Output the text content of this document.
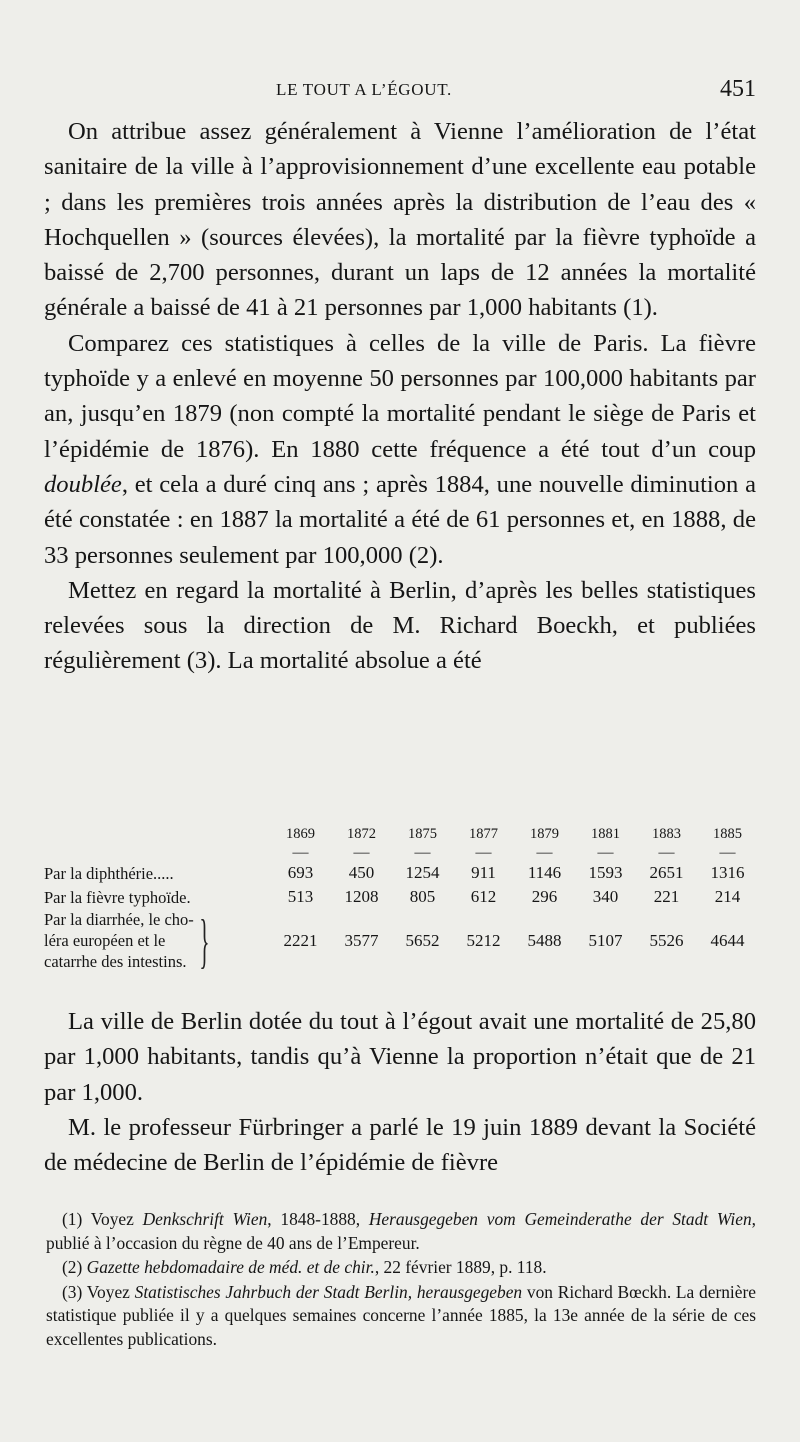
LE TOUT A L’ÉGOUT.	451

On attribue assez généralement à Vienne l’amélioration de l’état sanitaire de la ville à l’approvisionnement d’une excellente eau potable ; dans les premières trois années après la distribution de l’eau des « Hochquellen » (sources élevées), la mortalité par la fièvre typhoïde a baissé de 2,700 personnes, durant un laps de 12 années la mortalité générale a baissé de 41 à 21 personnes par 1,000 habitants (1).

Comparez ces statistiques à celles de la ville de Paris. La fièvre typhoïde y a enlevé en moyenne 50 personnes par 100,000 habitants par an, jusqu’en 1879 (non compté la mortalité pendant le siège de Paris et l’épidémie de 1876). En 1880 cette fréquence a été tout d’un coup doublée, et cela a duré cinq ans ; après 1884, une nouvelle diminution a été constatée : en 1887 la mortalité a été de 61 personnes et, en 1888, de 33 personnes seulement par 100,000 (2).

Mettez en regard la mortalité à Berlin, d’après les belles statistiques relevées sous la direction de M. Richard Boeckh, et publiées régulièrement (3). La mortalité absolue a été

	1869	1872	1875	1877	1879	1881	1883	1885
	—	—	—	—	—	—	—	—
Par la diphthérie.....	693	450	1254	911	1146	1593	2651	1316
Par la fièvre typhoïde.	513	1208	805	612	296	340	221	214

Par la diarrhée, le cho-
léra européen et le
catarrhe des intestins. }	2221	3577	5652	5212	5488	5107	5526	4644

La ville de Berlin dotée du tout à l’égout avait une mortalité de 25,80 par 1,000 habitants, tandis qu’à Vienne la proportion n’était que de 21 par 1,000.

M. le professeur Fürbringer a parlé le 19 juin 1889 devant la Société de médecine de Berlin de l’épidémie de fièvre

(1) Voyez Denkschrift Wien, 1848-1888, Herausgegeben vom Gemeinderathe der Stadt Wien, publié à l’occasion du règne de 40 ans de l’Empereur.

(2) Gazette hebdomadaire de méd. et de chir., 22 février 1889, p. 118.

(3) Voyez Statistisches Jahrbuch der Stadt Berlin, herausgegeben von Richard Bœckh. La dernière statistique publiée il y a quelques semaines concerne l’année 1885, la 13e année de la série de ces excellentes publications.
